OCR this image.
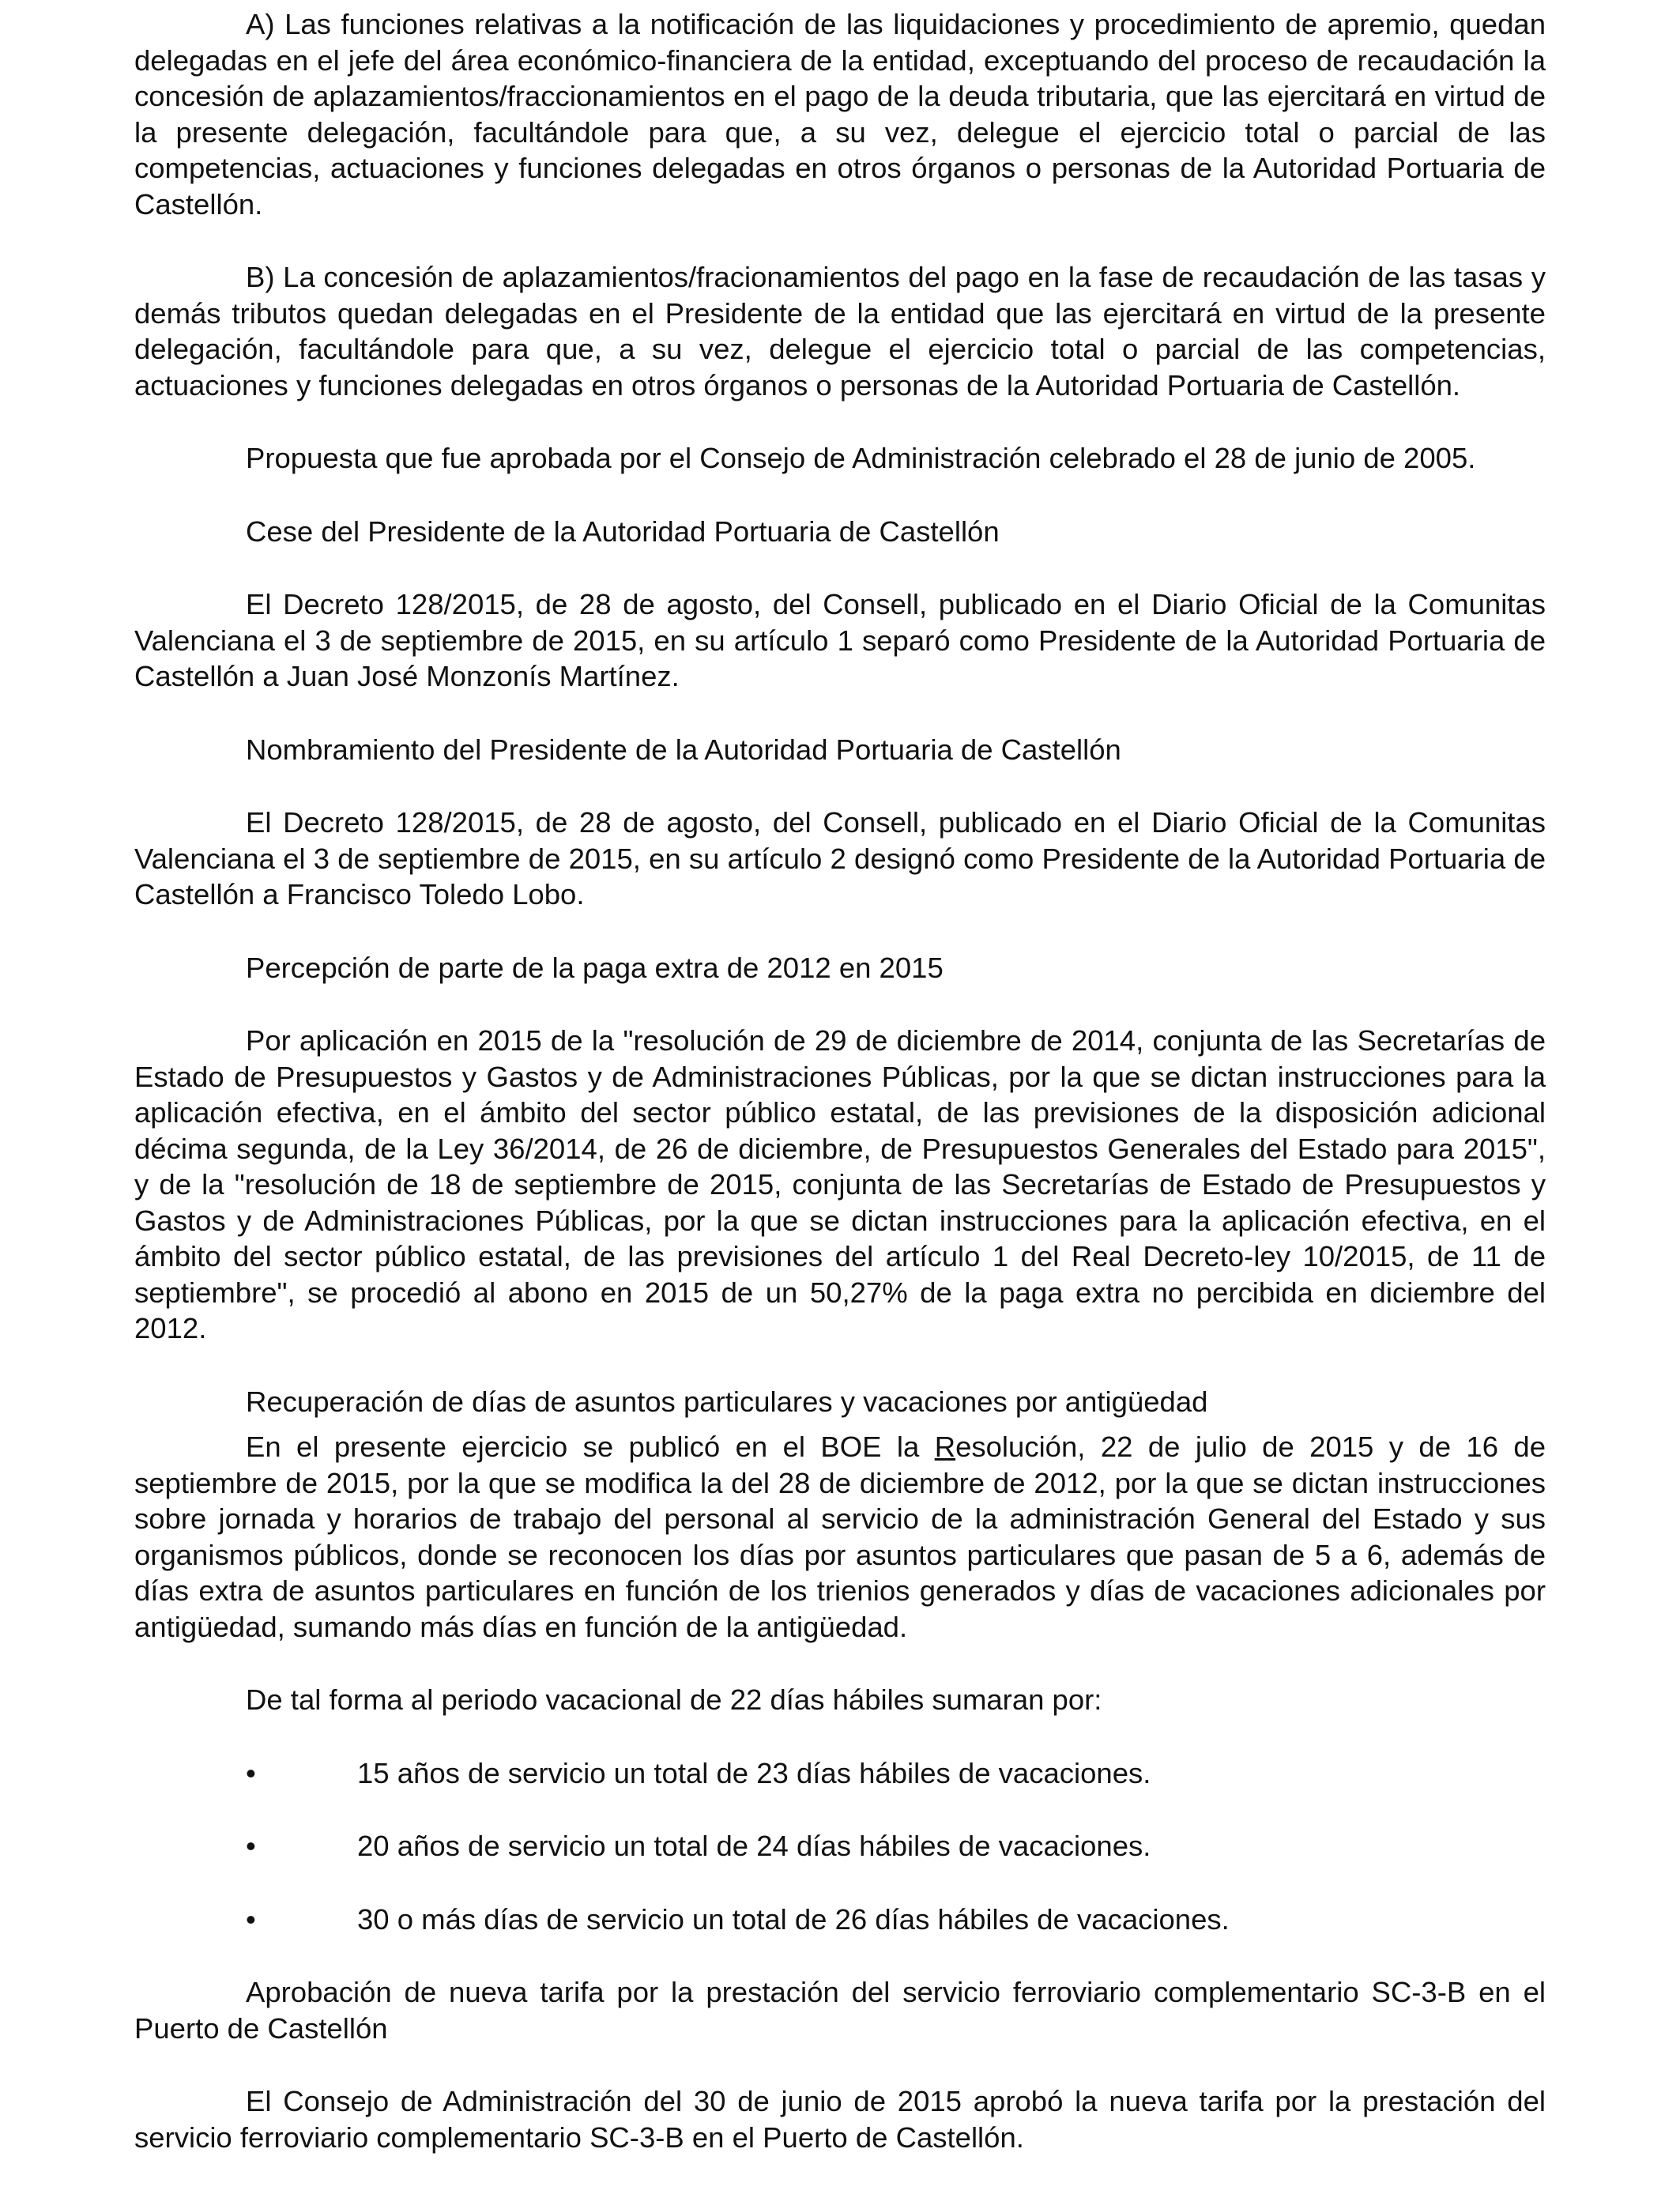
A) Las funciones relativas a la notificación de las liquidaciones y procedimiento de apremio, quedan delegadas en el jefe del área económico-financiera de la entidad, exceptuando del proceso de recaudación la concesión de aplazamientos/fraccionamientos en el pago de la deuda tributaria, que las ejercitará en virtud de la presente delegación, facultándole para que, a su vez, delegue el ejercicio total o parcial de las competencias, actuaciones y funciones delegadas en otros órganos o personas de la Autoridad Portuaria de Castellón.

B) La concesión de aplazamientos/fracionamientos del pago en la fase de recaudación de las tasas y demás tributos quedan delegadas en el Presidente de la entidad que las ejercitará en virtud de la presente delegación, facultándole para que, a su vez, delegue el ejercicio total o parcial de las competencias, actuaciones y funciones delegadas en otros órganos o personas de la Autoridad Portuaria de Castellón.

Propuesta que fue aprobada por el Consejo de Administración celebrado el 28 de junio de 2005.

Cese del Presidente de la Autoridad Portuaria de Castellón

El Decreto 128/2015, de 28 de agosto, del Consell, publicado en el Diario Oficial de la Comunitas Valenciana el 3 de septiembre de 2015, en su artículo 1 separó como Presidente de la Autoridad Portuaria de Castellón a Juan José Monzonís Martínez.

Nombramiento del Presidente de la Autoridad Portuaria de Castellón

El Decreto 128/2015, de 28 de agosto, del Consell, publicado en el Diario Oficial de la Comunitas Valenciana el 3 de septiembre de 2015, en su artículo 2 designó como Presidente de la Autoridad Portuaria de Castellón a Francisco Toledo Lobo.

Percepción de parte de la paga extra de 2012 en 2015

Por aplicación en 2015 de la "resolución de 29 de diciembre de 2014, conjunta de las Secretarías de Estado de Presupuestos y Gastos y de Administraciones Públicas, por la que se dictan instrucciones para la aplicación efectiva, en el ámbito del sector público estatal, de las previsiones de la disposición adicional décima segunda, de la Ley 36/2014, de 26 de diciembre, de Presupuestos Generales del Estado para 2015", y de la "resolución de 18 de septiembre de 2015, conjunta de las Secretarías de Estado de Presupuestos y Gastos y de Administraciones Públicas, por la que se dictan instrucciones para la aplicación efectiva, en el ámbito del sector público estatal, de las previsiones del artículo 1 del Real Decreto-ley 10/2015, de 11 de septiembre", se procedió al abono en 2015 de un 50,27% de la paga extra no percibida en diciembre del 2012.

Recuperación de días de asuntos particulares y vacaciones por antigüedad

En el presente ejercicio se publicó en el BOE la Resolución, 22 de julio de 2015 y de 16 de septiembre de 2015, por la que se modifica la del 28 de diciembre de 2012, por la que se dictan instrucciones sobre jornada y horarios de trabajo del personal al servicio de la administración General del Estado y sus organismos públicos, donde se reconocen los días por asuntos particulares que pasan de 5 a 6, además de días extra de asuntos particulares en función de los trienios generados y días de vacaciones adicionales por antigüedad, sumando más días en función de la antigüedad.

De tal forma al periodo vacacional de 22 días hábiles sumaran por:

•	15 años de servicio un total de 23 días hábiles de vacaciones.

•	20 años de servicio un total de 24 días hábiles de vacaciones.

•	30 o más días de servicio un total de 26 días hábiles de vacaciones.

Aprobación de nueva tarifa por la prestación del servicio ferroviario complementario SC-3-B en el Puerto de Castellón

El Consejo de Administración del 30 de junio de 2015 aprobó la nueva tarifa por la prestación del servicio ferroviario complementario SC-3-B en el Puerto de Castellón.
